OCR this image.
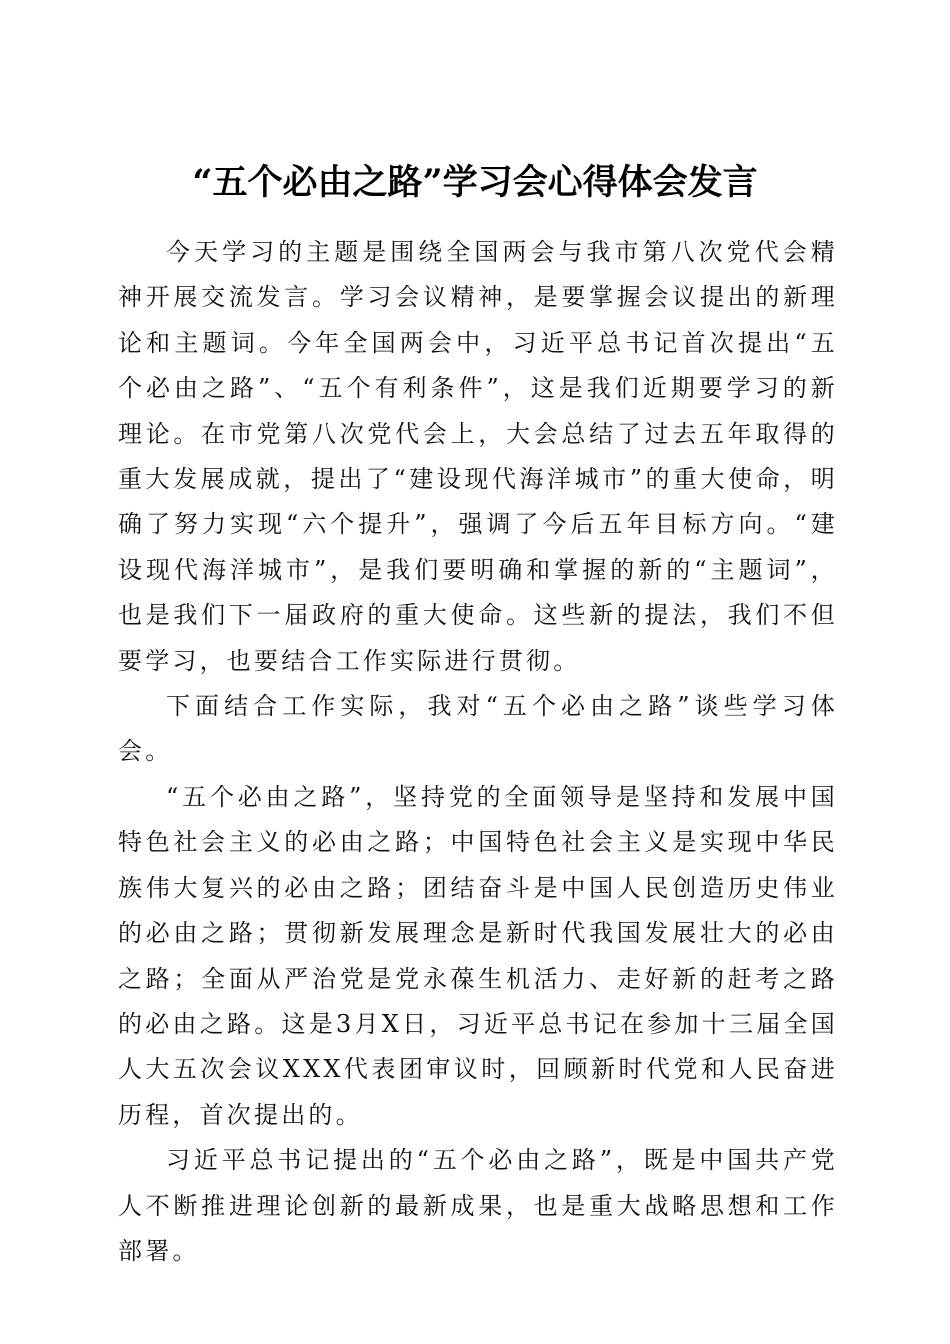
“五个必由之路”学习会心得体会发言

今天学习的主题是围绕全国两会与我市第八次党代会精神开展交流发言。学习会议精神，是要掌握会议提出的新理论和主题词。今年全国两会中，习近平总书记首次提出“五个必由之路”、“五个有利条件”，这是我们近期要学习的新理论。在市党第八次党代会上，大会总结了过去五年取得的重大发展成就，提出了“建设现代海洋城市”的重大使命，明确了努力实现“六个提升”，强调了今后五年目标方向。“建设现代海洋城市”，是我们要明确和掌握的新的“主题词”，也是我们下一届政府的重大使命。这些新的提法，我们不但要学习，也要结合工作实际进行贯彻。

下面结合工作实际，我对“五个必由之路”谈些学习体会。

“五个必由之路”，坚持党的全面领导是坚持和发展中国特色社会主义的必由之路；中国特色社会主义是实现中华民族伟大复兴的必由之路；团结奋斗是中国人民创造历史伟业的必由之路；贯彻新发展理念是新时代我国发展壮大的必由之路；全面从严治党是党永葆生机活力、走好新的赶考之路的必由之路。这是3月X日，习近平总书记在参加十三届全国人大五次会议XXX代表团审议时，回顾新时代党和人民奋进历程，首次提出的。

习近平总书记提出的“五个必由之路”，既是中国共产党人不断推进理论创新的最新成果，也是重大战略思想和工作部署。
